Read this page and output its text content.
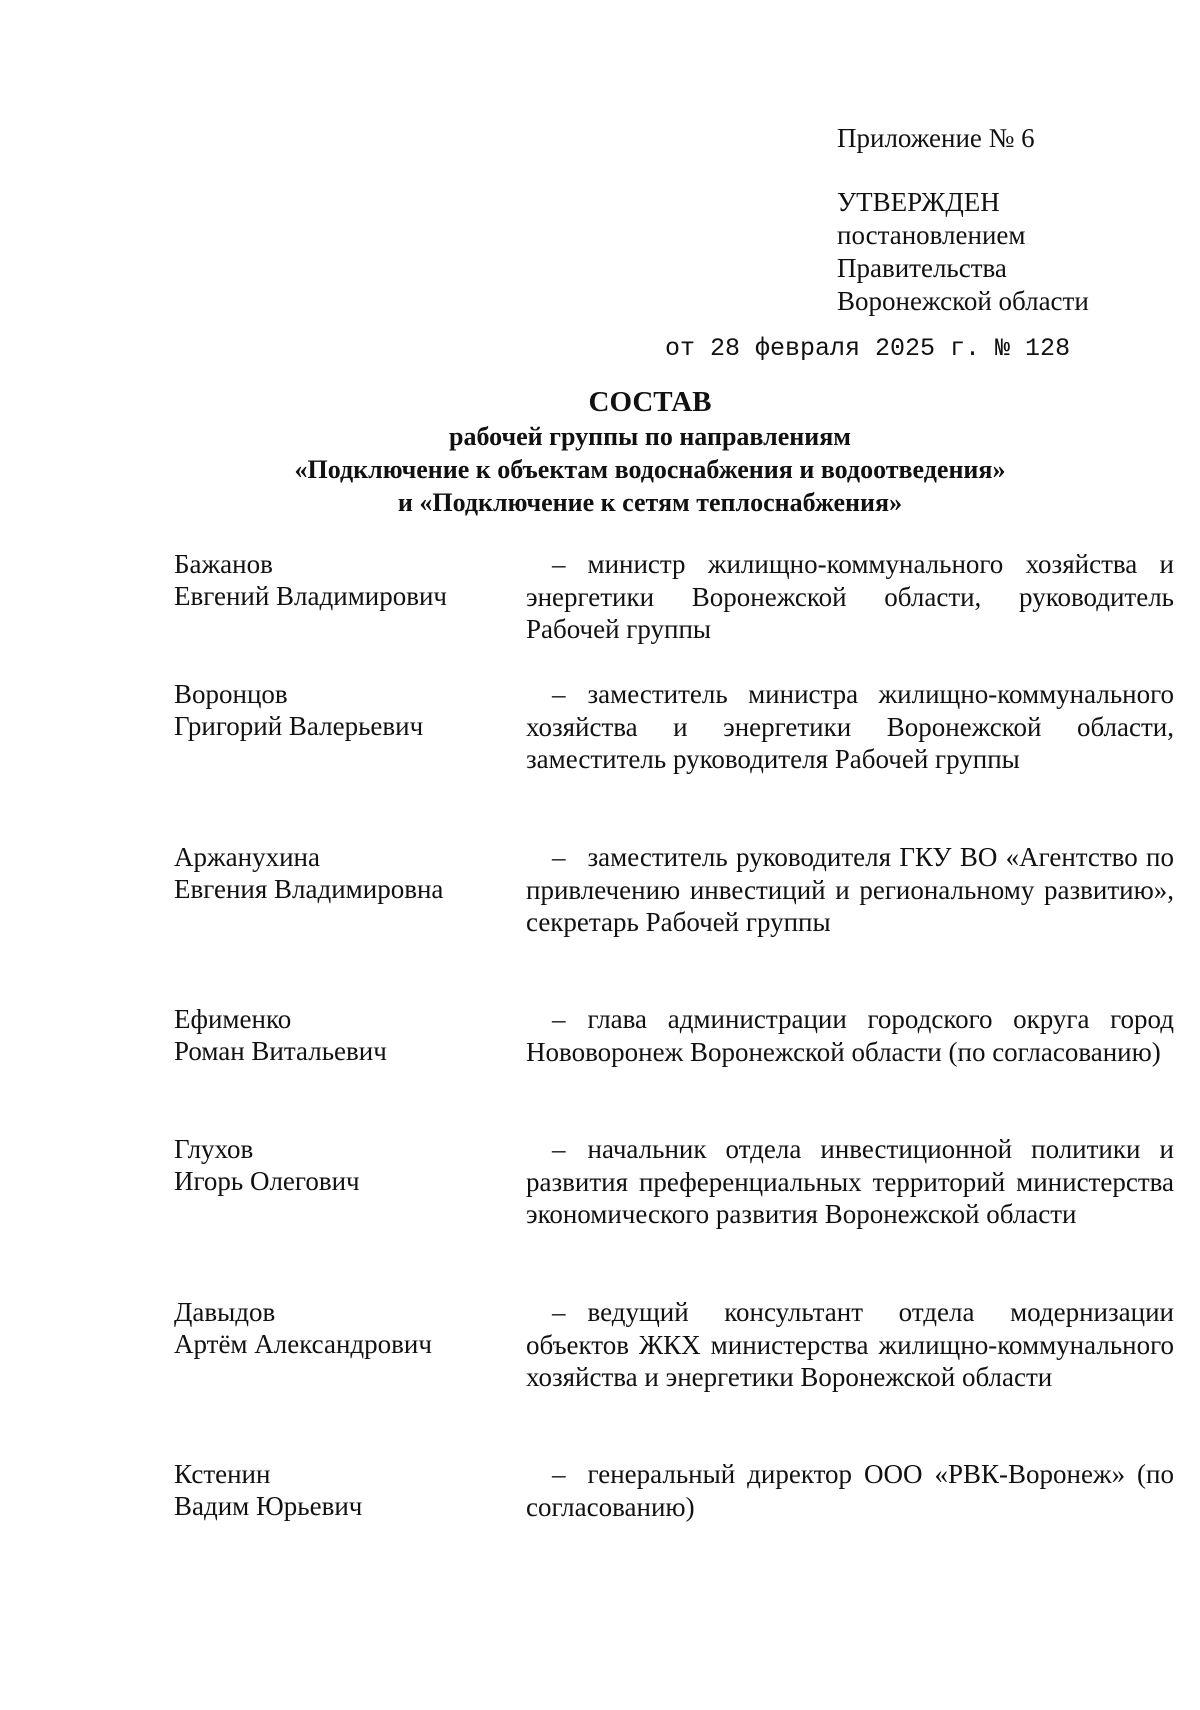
Приложение № 6
УТВЕРЖДЕН
постановлением
Правительства
Воронежской области
от 28 февраля 2025 г. № 128
СОСТАВ
рабочей группы по направлениям
«Подключение к объектам водоснабжения и водоотведения»
и «Подключение к сетям теплоснабжения»
Бажанов
Евгений Владимирович
– министр жилищно-коммунального хозяйства и энергетики Воронежской области, руководитель Рабочей группы
Воронцов
Григорий Валерьевич
– заместитель министра жилищно-коммунального хозяйства и энергетики Воронежской области, заместитель руководителя Рабочей группы
Аржанухина
Евгения Владимировна
– заместитель руководителя ГКУ ВО «Агентство по привлечению инвестиций и региональному развитию», секретарь Рабочей группы
Ефименко
Роман Витальевич
– глава администрации городского округа город Нововоронеж Воронежской области (по согласованию)
Глухов
Игорь Олегович
– начальник отдела инвестиционной политики и развития преференциальных территорий министерства экономического развития Воронежской области
Давыдов
Артём Александрович
– ведущий консультант отдела модернизации объектов ЖКХ министерства жилищно-коммунального хозяйства и энергетики Воронежской области
Кстенин
Вадим Юрьевич
– генеральный директор ООО «РВК-Воронеж» (по согласованию)
